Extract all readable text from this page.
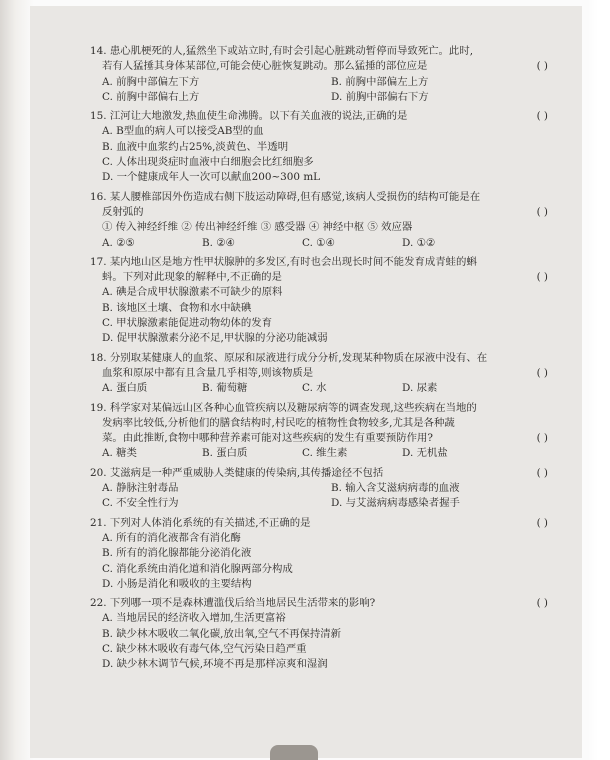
14. 患心肌梗死的人,猛然坐下或站立时,有时会引起心脏跳动暂停而导致死亡。此时,
若有人猛捶其身体某部位,可能会使心脏恢复跳动。那么猛捶的部位应是	( )
A. 前胸中部偏左下方	B. 前胸中部偏左上方
C. 前胸中部偏右上方	D. 前胸中部偏右下方
15. 江河让大地激发,热血使生命沸腾。以下有关血液的说法,正确的是	( )
A. B型血的病人可以接受AB型的血
B. 血液中血浆约占25%,淡黄色、半透明
C. 人体出现炎症时血液中白细胞会比红细胞多
D. 一个健康成年人一次可以献血200~300 mL
16. 某人腰椎部因外伤造成右侧下肢运动障碍,但有感觉,该病人受损伤的结构可能是在
反射弧的	( )
① 传入神经纤维 ② 传出神经纤维 ③ 感受器 ④ 神经中枢 ⑤ 效应器
A. ②⑤	B. ②④	C. ①④	D. ①②
17. 某内地山区是地方性甲状腺肿的多发区,有时也会出现长时间不能发育成青蛙的蝌
蚪。下列对此现象的解释中,不正确的是	( )
A. 碘是合成甲状腺激素不可缺少的原料
B. 该地区土壤、食物和水中缺碘
C. 甲状腺激素能促进动物幼体的发育
D. 促甲状腺激素分泌不足,甲状腺的分泌功能减弱
18. 分别取某健康人的血浆、原尿和尿液进行成分分析,发现某种物质在尿液中没有、在
血浆和原尿中都有且含量几乎相等,则该物质是	( )
A. 蛋白质	B. 葡萄糖	C. 水	D. 尿素
19. 科学家对某偏远山区各种心血管疾病以及糖尿病等的调查发现,这些疾病在当地的
发病率比较低,分析他们的膳食结构时,村民吃的植物性食物较多,尤其是各种蔬
菜。由此推断,食物中哪种营养素可能对这些疾病的发生有重要预防作用?	( )
A. 糖类	B. 蛋白质	C. 维生素	D. 无机盐
20. 艾滋病是一种严重威胁人类健康的传染病,其传播途径不包括	( )
A. 静脉注射毒品	B. 输入含艾滋病病毒的血液
C. 不安全性行为	D. 与艾滋病病毒感染者握手
21. 下列对人体消化系统的有关描述,不正确的是	( )
A. 所有的消化液都含有消化酶
B. 所有的消化腺都能分泌消化液
C. 消化系统由消化道和消化腺两部分构成
D. 小肠是消化和吸收的主要结构
22. 下列哪一项不是森林遭滥伐后给当地居民生活带来的影响?	( )
A. 当地居民的经济收入增加,生活更富裕
B. 缺少林木吸收二氧化碳,放出氧,空气不再保持清新
C. 缺少林木吸收有毒气体,空气污染日趋严重
D. 缺少林木调节气候,环境不再是那样凉爽和湿润
